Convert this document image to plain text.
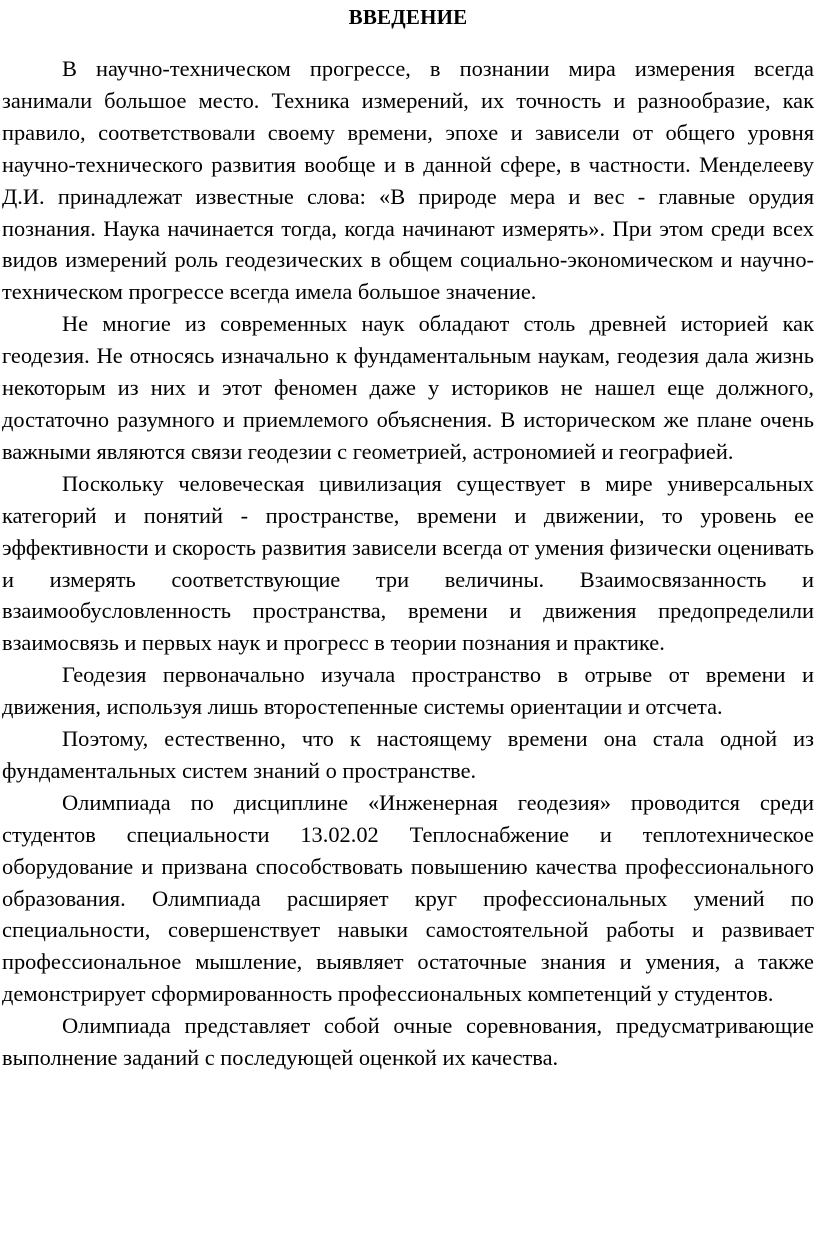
ВВЕДЕНИЕ

В научно-техническом прогрессе, в познании мира измерения всегда занимали большое место. Техника измерений, их точность и разнообразие, как правило, соответствовали своему времени, эпохе и зависели от общего уровня научно-технического развития вообще и в данной сфере, в частности. Менделееву Д.И. принадлежат известные слова: «В природе мера и вес - главные орудия познания. Наука начинается тогда, когда начинают измерять». При этом среди всех видов измерений роль геодезических в общем социально-экономическом и научно-техническом прогрессе всегда имела большое значение.

Не многие из современных наук обладают столь древней историей как геодезия. Не относясь изначально к фундаментальным наукам, геодезия дала жизнь некоторым из них и этот феномен даже у историков не нашел еще должного, достаточно разумного и приемлемого объяснения. В историческом же плане очень важными являются связи геодезии с геометрией, астрономией и географией.

Поскольку человеческая цивилизация существует в мире универсальных категорий и понятий - пространстве, времени и движении, то уровень ее эффективности и скорость развития зависели всегда от умения физически оценивать и измерять соответствующие три величины. Взаимосвязанность и взаимообусловленность пространства, времени и движения предопределили взаимосвязь и первых наук и прогресс в теории познания и практике.

Геодезия первоначально изучала пространство в отрыве от времени и движения, используя лишь второстепенные системы ориентации и отсчета.

Поэтому, естественно, что к настоящему времени она стала одной из фундаментальных систем знаний о пространстве.

Олимпиада по дисциплине «Инженерная геодезия» проводится среди студентов специальности 13.02.02 Теплоснабжение и теплотехническое оборудование и призвана способствовать повышению качества профессионального образования. Олимпиада расширяет круг профессиональных умений по специальности, совершенствует навыки самостоятельной работы и развивает профессиональное мышление, выявляет остаточные знания и умения, а также демонстрирует сформированность профессиональных компетенций у студентов.

Олимпиада представляет собой очные соревнования, предусматривающие выполнение заданий с последующей оценкой их качества.
